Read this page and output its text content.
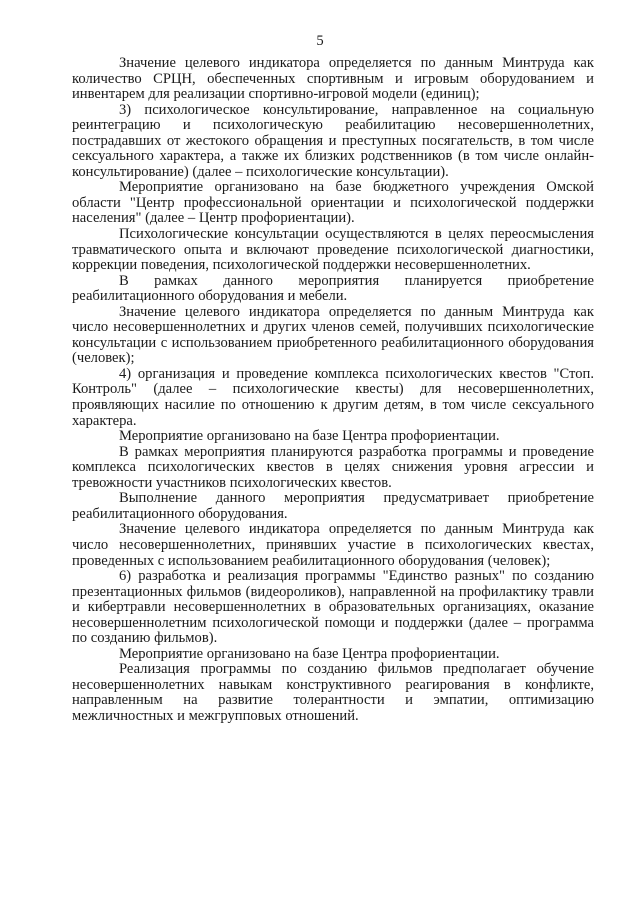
5

Значение целевого индикатора определяется по данным Минтруда как количество СРЦН, обеспеченных спортивным и игровым оборудованием и инвентарем для реализации спортивно-игровой модели (единиц);

3) психологическое консультирование, направленное на социальную реинтеграцию и психологическую реабилитацию несовершеннолетних, пострадавших от жестокого обращения и преступных посягательств, в том числе сексуального характера, а также их близких родственников (в том числе онлайн-консультирование) (далее – психологические консультации).

Мероприятие организовано на базе бюджетного учреждения Омской области "Центр профессиональной ориентации и психологической поддержки населения" (далее – Центр профориентации).

Психологические консультации осуществляются в целях переосмысления травматического опыта и включают проведение психологической диагностики, коррекции поведения, психологической поддержки несовершеннолетних.

В рамках данного мероприятия планируется приобретение реабилитационного оборудования и мебели.

Значение целевого индикатора определяется по данным Минтруда как число несовершеннолетних и других членов семей, получивших психологические консультации с использованием приобретенного реабилитационного оборудования (человек);

4) организация и проведение комплекса психологических квестов "Стоп. Контроль" (далее – психологические квесты) для несовершеннолетних, проявляющих насилие по отношению к другим детям, в том числе сексуального характера.

Мероприятие организовано на базе Центра профориентации.

В рамках мероприятия планируются разработка программы и проведение комплекса психологических квестов в целях снижения уровня агрессии и тревожности участников психологических квестов.

Выполнение данного мероприятия предусматривает приобретение реабилитационного оборудования.

Значение целевого индикатора определяется по данным Минтруда как число несовершеннолетних, принявших участие в психологических квестах, проведенных с использованием реабилитационного оборудования (человек);

6) разработка и реализация программы "Единство разных" по созданию презентационных фильмов (видеороликов), направленной на профилактику травли и кибертравли несовершеннолетних в образовательных организациях, оказание несовершеннолетним психологической помощи и поддержки (далее – программа по созданию фильмов).

Мероприятие организовано на базе Центра профориентации.

Реализация программы по созданию фильмов предполагает обучение несовершеннолетних навыкам конструктивного реагирования в конфликте, направленным на развитие толерантности и эмпатии, оптимизацию межличностных и межгрупповых отношений.
